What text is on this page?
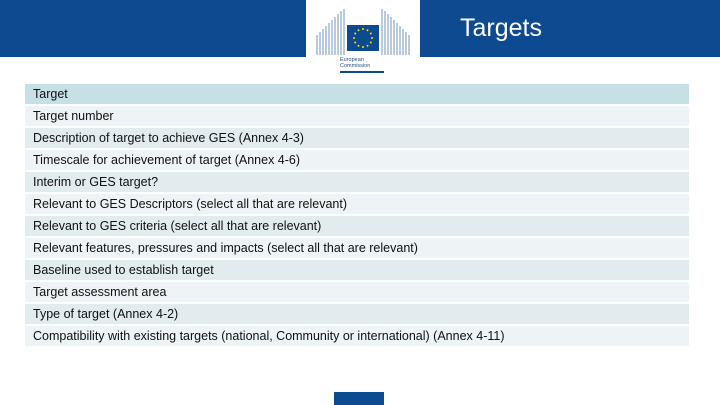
European
Commission
Targets
Target
Target number
Description of target to achieve GES (Annex 4-3)
Timescale for achievement of target (Annex 4-6)
Interim or GES target?
Relevant to GES Descriptors (select all that are relevant)
Relevant to GES criteria (select all that are relevant)
Relevant features, pressures and impacts (select all that are relevant)
Baseline used to establish target
Target assessment area
Type of target (Annex 4-2)
Compatibility with existing targets (national, Community or international) (Annex 4-11)
